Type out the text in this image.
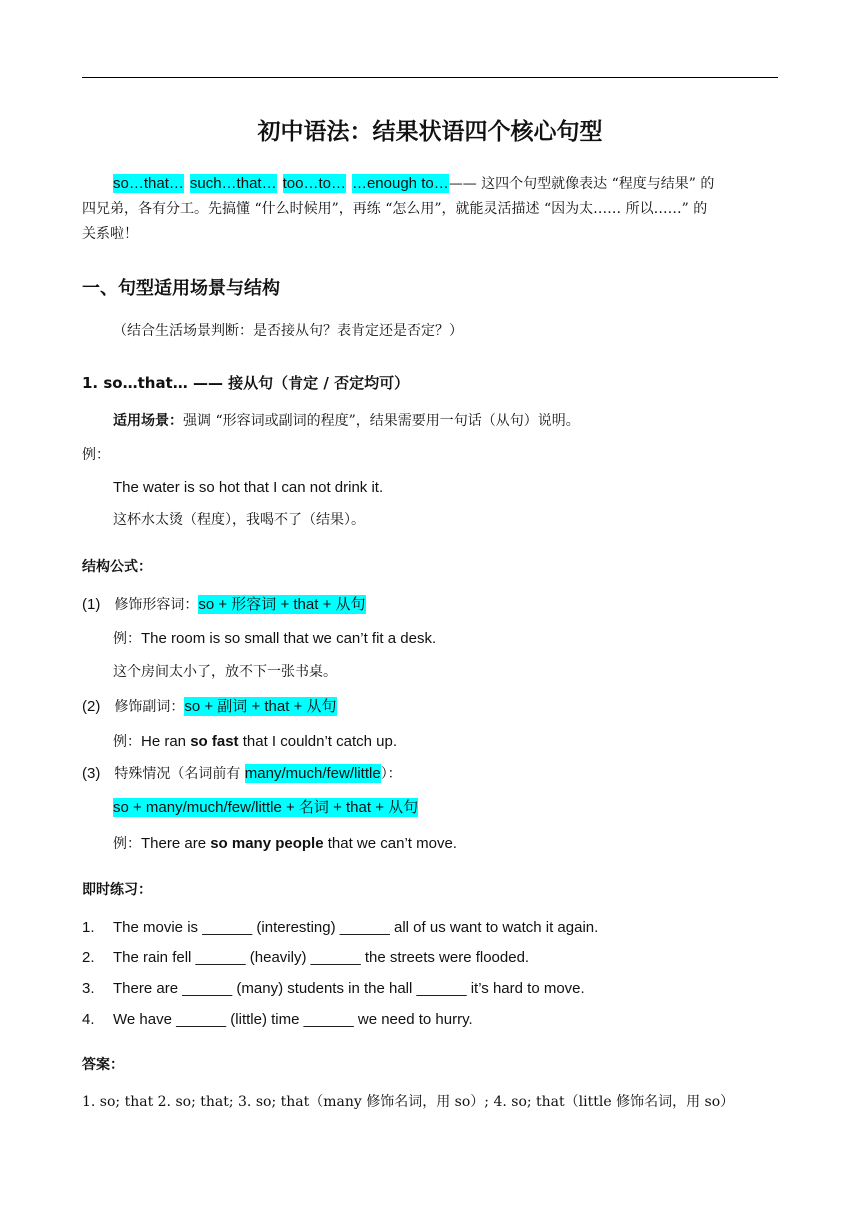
初中语法：结果状语四个核心句型
so…that… such…that… too…to… …enough to…—— 这四个句型就像表达 “程度与结果” 的
四兄弟，各有分工。先搞懂 “什么时候用”，再练 “怎么用”，就能灵活描述 “因为太…… 所以……” 的
关系啦！
一、句型适用场景与结构
（结合生活场景判断：是否接从句？表肯定还是否定？）
1. so…that… —— 接从句（肯定 / 否定均可）
适用场景：强调 “形容词或副词的程度”，结果需要用一句话（从句）说明。
例：
The water is so hot that I can not drink it.
这杯水太烫（程度），我喝不了（结果）。
结构公式：
(1) 修饰形容词：so + 形容词 + that + 从句
例：The room is so small that we can’t fit a desk.
这个房间太小了，放不下一张书桌。
(2) 修饰副词：so + 副词 + that + 从句
例：He ran so fast that I couldn’t catch up.
(3) 特殊情况（名词前有 many/much/few/little）：
so + many/much/few/little + 名词 + that + 从句
例：There are so many people that we can’t move.
即时练习：
1. The movie is ______ (interesting) ______ all of us want to watch it again.
2. The rain fell ______ (heavily) ______ the streets were flooded.
3. There are ______ (many) students in the hall ______ it’s hard to move.
4. We have ______ (little) time ______ we need to hurry.
答案：
1. so; that 2. so; that; 3. so; that（many 修饰名词，用 so）; 4. so; that（little 修饰名词，用 so）
